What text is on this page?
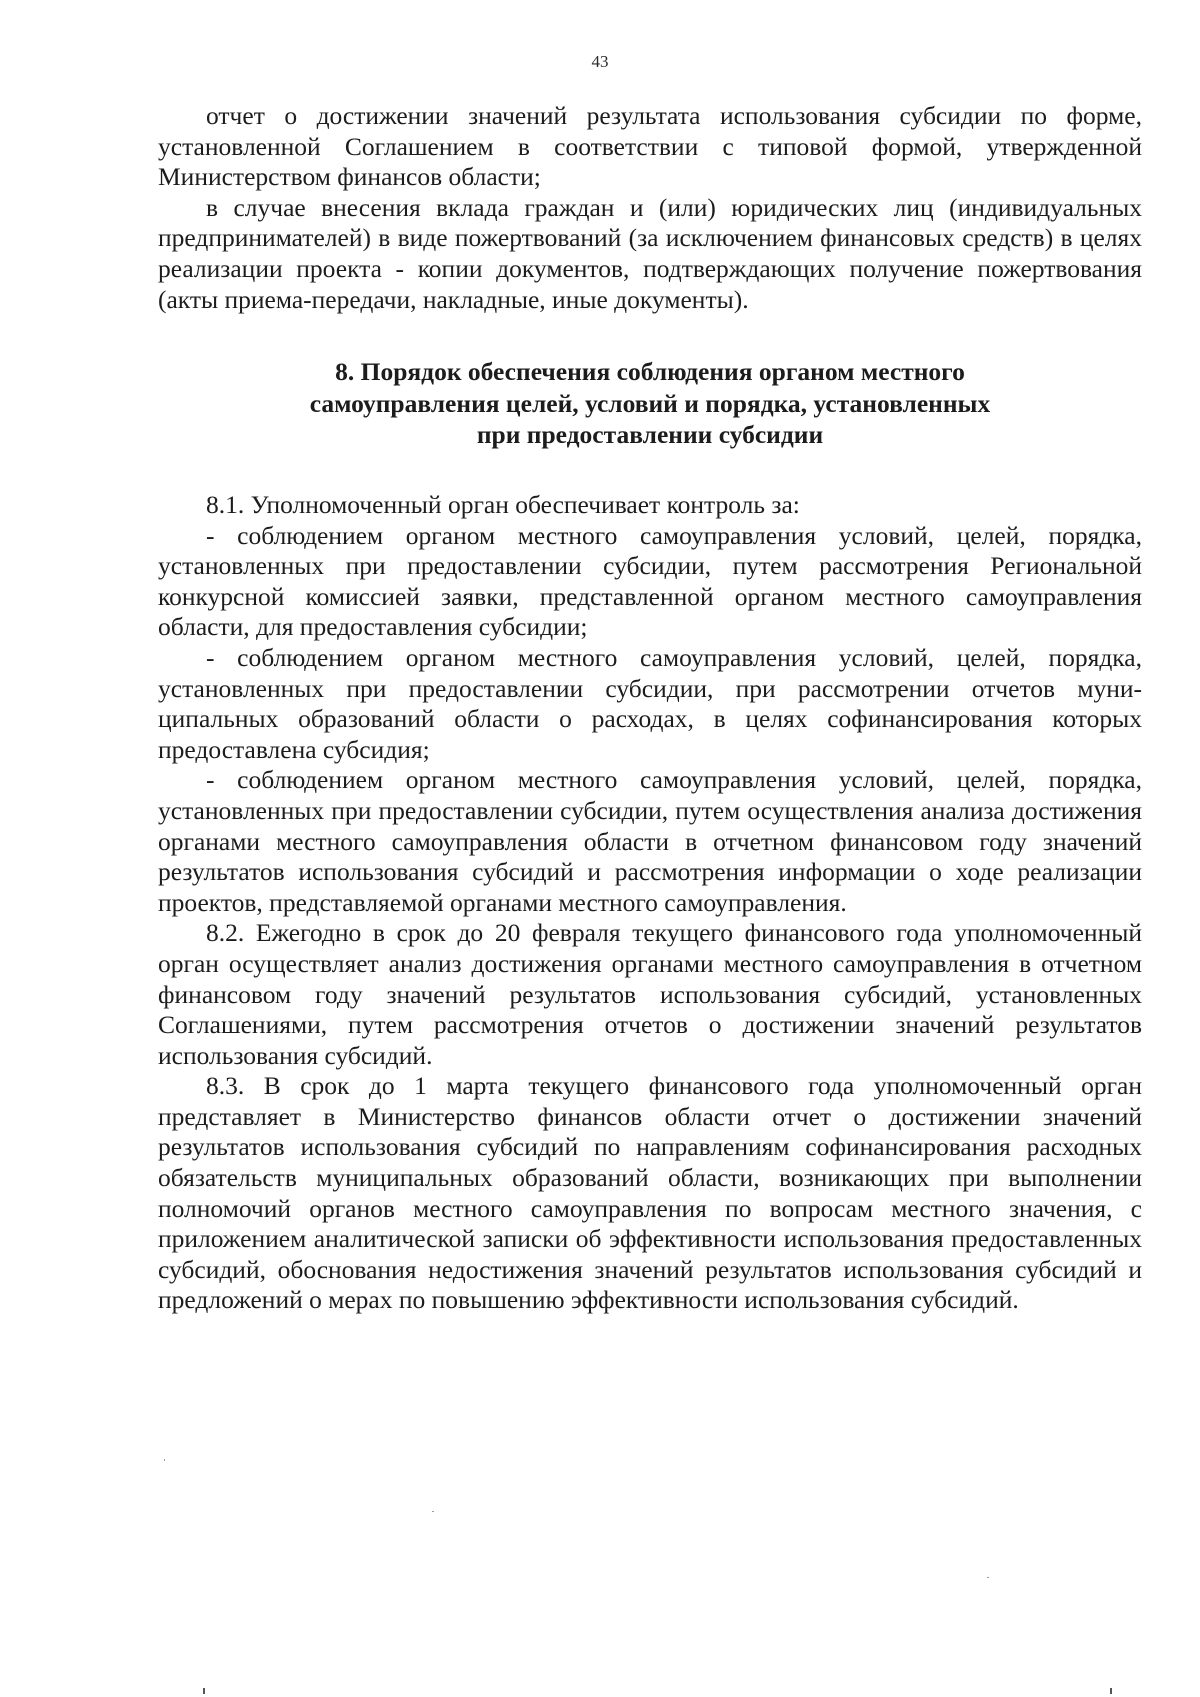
43

отчет о достижении значений результата использования субсидии по форме, установленной Соглашением в соответствии с типовой формой, утвержденной Министерством финансов области;

в случае внесения вклада граждан и (или) юридических лиц (индивидуальных предпринимателей) в виде пожертвований (за исключением финансовых средств) в целях реализации проекта - копии документов, подтверждающих получение пожертвования (акты приема-передачи, накладные, иные документы).

8. Порядок обеспечения соблюдения органом местного
самоуправления целей, условий и порядка, установленных
при предоставлении субсидии

8.1. Уполномоченный орган обеспечивает контроль за:

- соблюдением органом местного самоуправления условий, целей, порядка, установленных при предоставлении субсидии, путем рассмотрения Региональной конкурсной комиссией заявки, представленной органом местного самоуправления области, для предоставления субсидии;

- соблюдением органом местного самоуправления условий, целей, порядка, установленных при предоставлении субсидии, при рассмотрении отчетов муниципальных образований области о расходах, в целях софинансирования которых предоставлена субсидия;

- соблюдением органом местного самоуправления условий, целей, порядка, установленных при предоставлении субсидии, путем осуществления анализа достижения органами местного самоуправления области в отчетном финансовом году значений результатов использования субсидий и рассмотрения информации о ходе реализации проектов, представляемой органами местного самоуправления.

8.2. Ежегодно в срок до 20 февраля текущего финансового года уполномоченный орган осуществляет анализ достижения органами местного самоуправления в отчетном финансовом году значений результатов использования субсидий, установленных Соглашениями, путем рассмотрения отчетов о достижении значений результатов использования субсидий.

8.3. В срок до 1 марта текущего финансового года уполномоченный орган представляет в Министерство финансов области отчет о достижении значений результатов использования субсидий по направлениям софинансирования расходных обязательств муниципальных образований области, возникающих при выполнении полномочий органов местного самоуправления по вопросам местного значения, с приложением аналитической записки об эффективности использования предоставленных субсидий, обоснования недостижения значений результатов использования субсидий и предложений о мерах по повышению эффективности использования субсидий.
